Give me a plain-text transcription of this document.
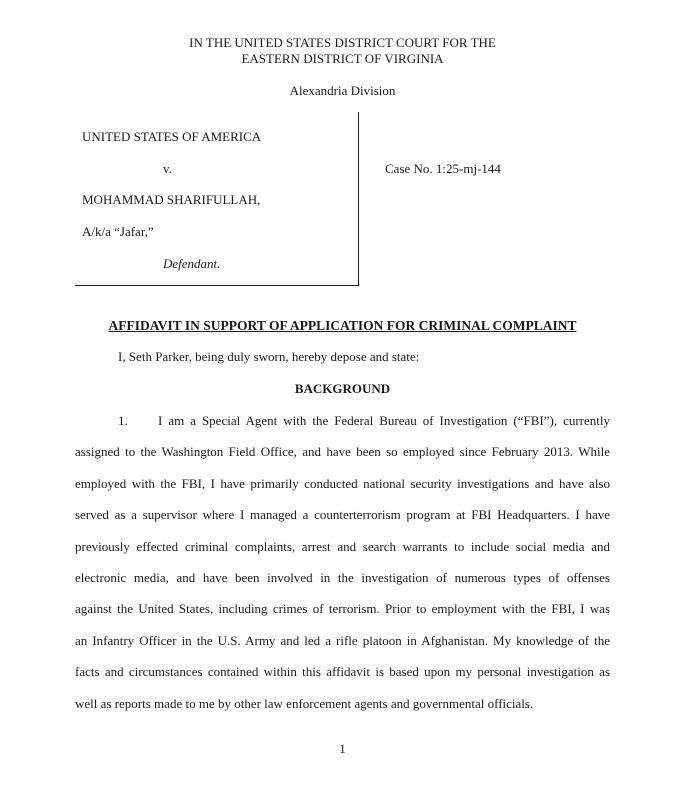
IN THE UNITED STATES DISTRICT COURT FOR THE
EASTERN DISTRICT OF VIRGINIA
Alexandria Division
UNITED STATES OF AMERICA
v.
MOHAMMAD SHARIFULLAH,
A/k/a “Jafar,”
Defendant.
Case No. 1:25-mj-144
AFFIDAVIT IN SUPPORT OF APPLICATION FOR CRIMINAL COMPLAINT
I, Seth Parker, being duly sworn, hereby depose and state:
BACKGROUND
1. I am a Special Agent with the Federal Bureau of Investigation (“FBI”), currently
assigned to the Washington Field Office, and have been so employed since February 2013. While
employed with the FBI, I have primarily conducted national security investigations and have also
served as a supervisor where I managed a counterterrorism program at FBI Headquarters. I have
previously effected criminal complaints, arrest and search warrants to include social media and
electronic media, and have been involved in the investigation of numerous types of offenses
against the United States, including crimes of terrorism. Prior to employment with the FBI, I was
an Infantry Officer in the U.S. Army and led a rifle platoon in Afghanistan. My knowledge of the
facts and circumstances contained within this affidavit is based upon my personal investigation as
well as reports made to me by other law enforcement agents and governmental officials.
1
